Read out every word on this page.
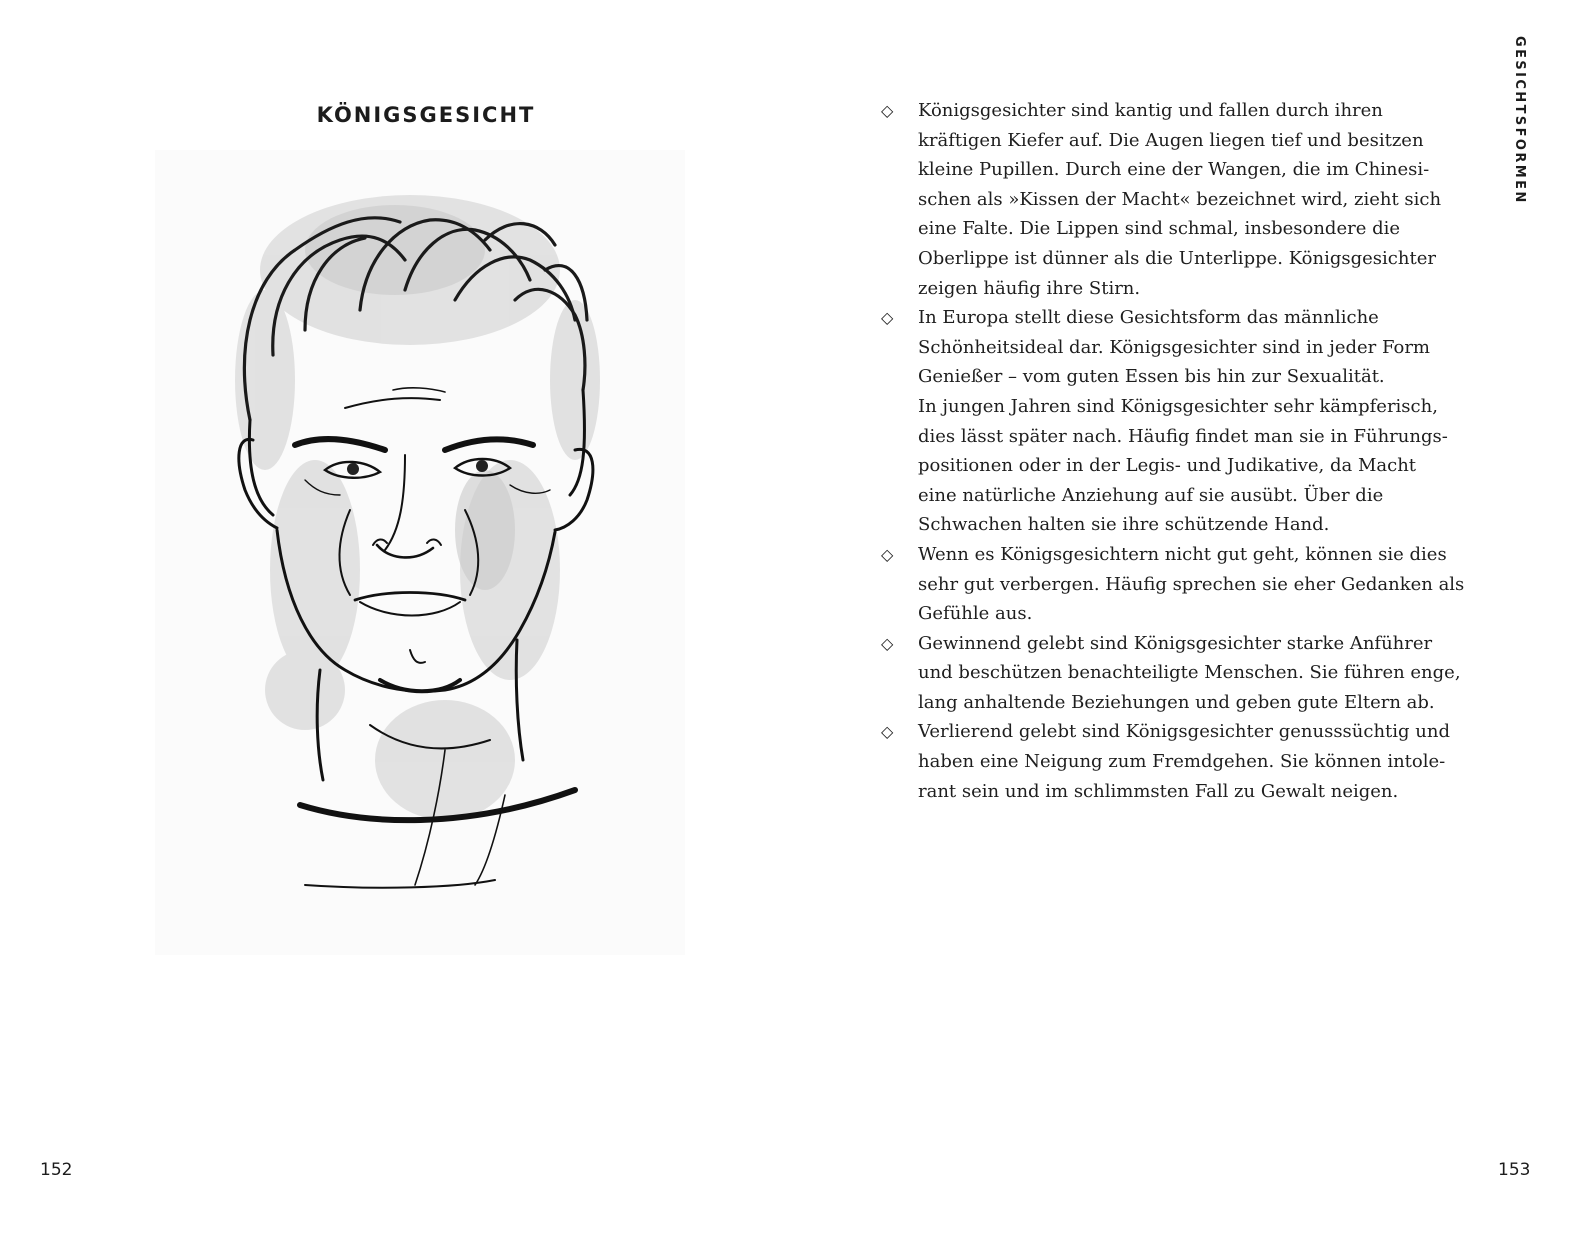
KÖNIGSGESICHT
152
GESICHTSFORMEN
◇ Königsgesichter sind kantig und fallen durch ihren
kräftigen Kiefer auf. Die Augen liegen tief und besitzen
kleine Pupillen. Durch eine der Wangen, die im Chinesi-
schen als »Kissen der Macht« bezeichnet wird, zieht sich
eine Falte. Die Lippen sind schmal, insbesondere die
Oberlippe ist dünner als die Unterlippe. Königsgesichter
zeigen häufig ihre Stirn.
◇ In Europa stellt diese Gesichtsform das männliche
Schönheitsideal dar. Königsgesichter sind in jeder Form
Genießer – vom guten Essen bis hin zur Sexualität.
In jungen Jahren sind Königsgesichter sehr kämpferisch,
dies lässt später nach. Häufig findet man sie in Führungs-
positionen oder in der Legis- und Judikative, da Macht
eine natürliche Anziehung auf sie ausübt. Über die
Schwachen halten sie ihre schützende Hand.
◇ Wenn es Königsgesichtern nicht gut geht, können sie dies
sehr gut verbergen. Häufig sprechen sie eher Gedanken als
Gefühle aus.
◇ Gewinnend gelebt sind Königsgesichter starke Anführer
und beschützen benachteiligte Menschen. Sie führen enge,
lang anhaltende Beziehungen und geben gute Eltern ab.
◇ Verlierend gelebt sind Königsgesichter genusssüchtig und
haben eine Neigung zum Fremdgehen. Sie können intole-
rant sein und im schlimmsten Fall zu Gewalt neigen.
153
